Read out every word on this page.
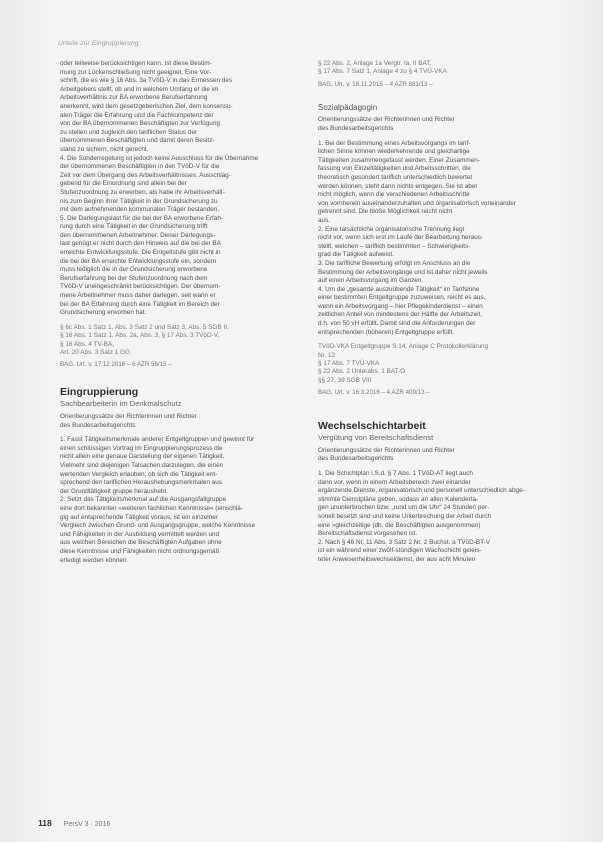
Urteile zur Eingruppierung

oder teilweise berücksichtigen kann. Ist diese Bestim-

mung zur Lückenschließung nicht geeignet. Eine Vor-

schrift, die es wie § 16 Abs. 3a TVöD-V in das Ermessen des

Arbeitgebers stellt, ob und in welchem Umfang er die im

Arbeitsverhältnis zur BA erworbene Berufserfahrung

anerkennt, wird dem gesetzgeberischen Ziel, dem konsensu-

alen Träger die Erfahrung und die Fachkompetenz der

von der BA übernommenen Beschäftigten zur Verfügung

zu stellen und zugleich den tariflichen Status der

übernommenen Beschäftigten und damit deren Besitz-

stand zu sichern, nicht gerecht.

4. Die Sonderregelung ist jedoch keine Ausschluss für die Übernahme

der übernommenen Beschäftigten in den TVöD-V für die

Zeit vor dem Übergang des Arbeitsverhältnisses. Ausschlag-

gebend für die Einordnung sind allein bei der

Stufenzuordnung zu erwerben, als habe ihr Arbeitsverhält-

nis zum Beginn ihrer Tätigkeit in der Grundsicherung zu

mit dem aufnehmenden kommunalen Träger bestanden.

5. Die Darlegungslast für die bei der BA erworbene Erfah-

rung durch eine Tätigkeit in der Grundsicherung trifft

den übernommenen Arbeitnehmer. Dieser Darlegungs-

last genügt er nicht durch den Hinweis auf die bei der BA

erreichte Entwicklungsstufe. Die Entgeltstufe gibt nicht in

die bei der BA erreichte Entwicklungsstufe ein, sondern

muss lediglich die in der Grundsicherung erworbene

Berufserfahrung bei der Stufenzuordnung nach dem

TVöD-V uneingeschränkt berücksichtigen. Der übernom-

mene Arbeitnehmer muss daher darlegen, seit wann er

bei der BA Erfahrung durch eine Tätigkeit im Bereich der

Grundsicherung erworben hat.

§ 6c Abs. 1 Satz 1, Abs. 3 Satz 2 und Satz 3, Abs. 5 SGB II,

§ 16 Abs. 1 Satz 1, Abs. 2a, Abs. 3, § 17 Abs. 3 TVöD-V,

§ 16 Abs. 4 TV-BA,

Art. 20 Abs. 3 Satz 1 GG

BAG, Urt. v. 17.12.2016 – 6 AZR 56/15 –

Eingruppierung
Sachbearbeiterin im Denkmalschutz

Orientierungssätze der Richterinnen und Richter

des Bundesarbeitsgerichts

1. Fasst Tätigkeitsmerkmale anderer Entgeltgruppen und gewinnt für

einen schlüssigen Vortrag im Eingruppierungsprozess die

nicht allein eine genaue Darstellung der eigenen Tätigkeit.

Vielmehr sind diejenigen Tatsachen darzulegen, die einen

wertenden Vergleich erlauben, ob sich die Tätigkeit ent-

sprechend den tariflichen Heraushebungsmerkmalen aus

der Grundtätigkeit gruppe heraushebt.

2. Setzt das Tätigkeitsmerkmal auf die Ausgangsfallgruppe

eine dort bekannten »weiteren fachlichen Kenntnisse« (einschlä-

gig auf entsprechende Tätigkeit voraus, ist ein einzelner

Vergleich zwischen Grund- und Ausgangsgruppe, welche Kenntnisse

und Fähigkeiten in der Ausbildung vermittelt werden und

aus welchen Bereichen die Beschäftigten Aufgaben ohne

diese Kenntnisse und Fähigkeiten nicht ordnungsgemäß

erledigt werden können.

§ 22 Abs. 2, Anlage 1a Vergtr. Ia, II BAT,

§ 17 Abs. 7 Satz 1, Anlage 4 zu § 4 TVÜ-VKA

BAG, Urt. v. 18.11.2015 – 4 AZR 881/13 –

Sozialpädagogin

Orientierungssätze der Richterinnen und Richter

des Bundesarbeitsgerichts

1. Bei der Bestimmung eines Arbeitsvorgangs im tarif-

lichen Sinne können wiederkehrende und gleichartige

Tätigkeiten zusammengefasst werden. Einer Zusammen-

fassung von Einzeltätigkeiten und Arbeitsschritten, die

theoretisch gesondert tariflich unterschiedlich bewertet

werden können, steht dann nichts entgegen. Sie ist aber

nicht möglich, wenn die verschiedenen Arbeitsschritte

von vornherein auseinanderzuhalten und organisatorisch voneinander

getrennt sind. Die bloße Möglichkeit reicht nicht

aus.

2. Eine tatsächliche organisatorische Trennung liegt

nicht vor, wenn sich erst im Laufe der Bearbeitung heraus-

stellt, welchen – tariflich bestimmten – Schwierigkeits-

grad die Tätigkeit aufweist.

3. Die tarifliche Bewertung erfolgt im Anschluss an die

Bestimmung der Arbeitsvorgänge und ist daher nicht jeweils

auf einen Arbeitsvorgang im Ganzen.

4. Um die „gesamte auszuübende Tätigkeit“ im Tarifsinne

einer bestimmten Entgeltgruppe zuzuweisen, reicht es aus,

wenn ein Arbeitsvorgang – hier Pflegekinderdienst – einen

zeitlichen Anteil von mindestens der Hälfte der Arbeitszeit,

d.h. von 50 vH erfüllt. Damit sind die Anforderungen der

entsprechenden (höheren) Entgeltgruppe erfüllt.

TVöD-VKA Entgeltgruppe S 14, Anlage C Protokollerklärung

Nr. 12

§ 17 Abs. 7 TVÜ-VKA

§ 22 Abs. 2 Unterabs. 1 BAT-O

§§ 27, 39 SGB VIII

BAG, Urt. v. 16.3.2016 – 4 AZR 409/13 –

Wechselschichtarbeit
Vergütung von Bereitschaftsdienst

Orientierungssätze der Richterinnen und Richter

des Bundesarbeitsgerichts

1. Die Schichtplan i.S.d. § 7 Abs. 1 TVöD-AT liegt auch

dann vor, wenn in einem Arbeitsbereich zwei einander

ergänzende Dienste, organisatorisch und personell unterschiedlich abge-

stimmte Dienstpläne geben, sodass an allen Kalenderta-

gen ununterbrochen bzw. „rund um die Uhr“ 24 Stunden per-

sonell besetzt sind und keine Unterbrechung der Arbeit durch

eine »gleichzeitige (dh. die Beschäftigten ausgenommen)

Bereitschaftsdienst vorgesehen ist.

2. Nach § 46 Nr. 11 Abs. 3 Satz 2 Nr. 2 Buchst. a TVöD-BT-V

ist ein während einer zwölf-stündigen Wachschicht geleis-

teter Anwesenheitswechseldienst, der aus acht Minuten

118 PersV 3 · 2016
